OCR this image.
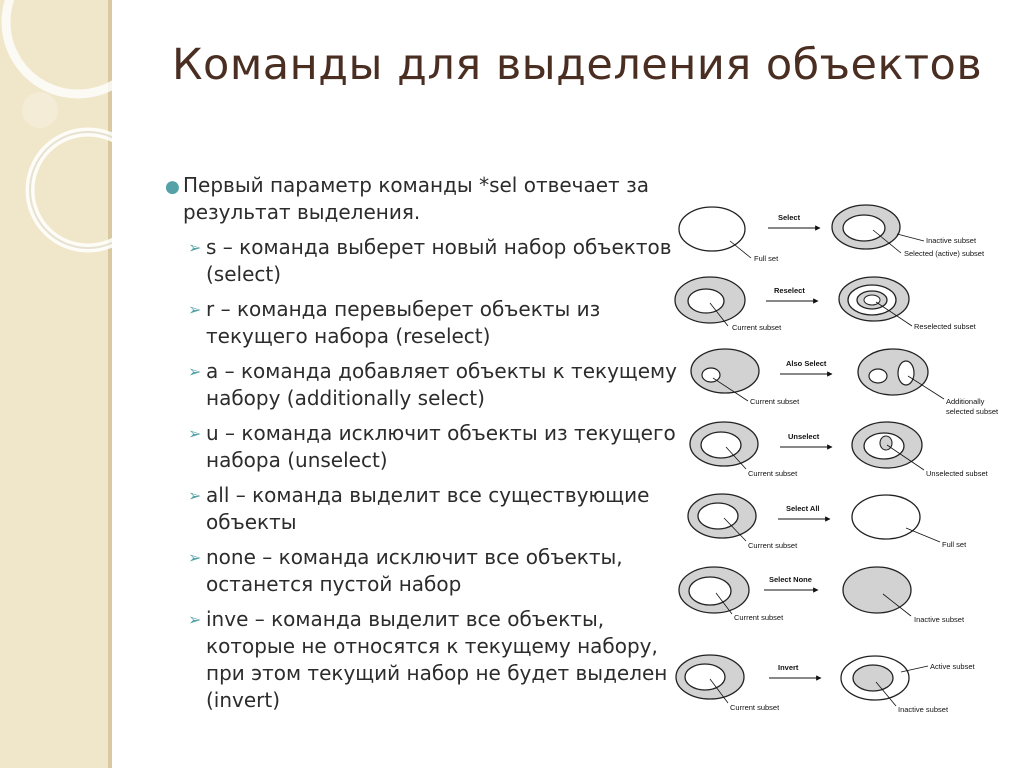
Команды для выделения объектов
● Первый параметр команды *sel отвечает за результат выделения.
➢ s – команда выберет новый набор объектов (select)
➢ r – команда перевыберет объекты из текущего набора (reselect)
➢ a – команда добавляет объекты к текущему набору (additionally select)
➢ u – команда исключит объекты из текущего набора (unselect)
➢ all – команда выделит все существующие объекты
➢ none – команда исключит все объекты, останется пустой набор
➢ inve – команда выделит все объекты, которые не относятся к текущему набору, при этом текущий набор не будет выделен (invert)
Full set
Select
Inactive subset
Selected (active) subset
Current subset
Reselect
Reselected subset
Current subset
Also Select
Additionally
selected subset
Current subset
Unselect
Unselected subset
Current subset
Select All
Full set
Current subset
Select None
Inactive subset
Current subset
Invert	Active subset
Inactive subset
